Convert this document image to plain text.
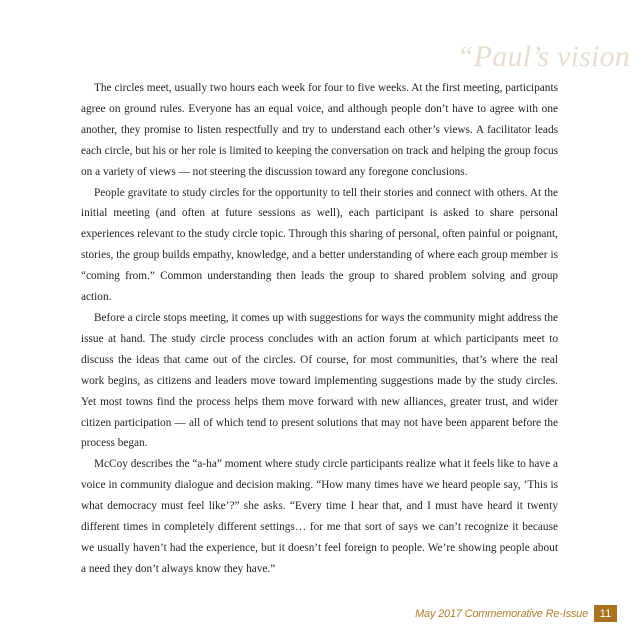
“Paul’s vision

The circles meet, usually two hours each week for four to five weeks. At the first meeting, participants agree on ground rules. Everyone has an equal voice, and although people don’t have to agree with one another, they promise to listen respectfully and try to understand each other’s views. A facilitator leads each circle, but his or her role is limited to keeping the conversation on track and helping the group focus on a variety of views — not steering the discussion toward any foregone conclusions.

People gravitate to study circles for the opportunity to tell their stories and connect with others. At the initial meeting (and often at future sessions as well), each participant is asked to share personal experiences relevant to the study circle topic. Through this sharing of personal, often painful or poignant, stories, the group builds empathy, knowledge, and a better understanding of where each group member is “coming from.” Common understanding then leads the group to shared problem solving and group action.

Before a circle stops meeting, it comes up with suggestions for ways the community might address the issue at hand. The study circle process concludes with an action forum at which participants meet to discuss the ideas that came out of the circles. Of course, for most communities, that’s where the real work begins, as citizens and leaders move toward implementing suggestions made by the study circles. Yet most towns find the process helps them move forward with new alliances, greater trust, and wider citizen participation — all of which tend to present solutions that may not have been apparent before the process began.

McCoy describes the “a-ha” moment where study circle participants realize what it feels like to have a voice in community dialogue and decision making. “How many times have we heard people say, ‘This is what democracy must feel like’?” she asks. “Every time I hear that, and I must have heard it twenty different times in completely different settings… for me that sort of says we can’t recognize it because we usually haven’t had the experience, but it doesn’t feel foreign to people. We’re showing people about a need they don’t always know they have.”

May 2017 Commemorative Re-Issue	11
